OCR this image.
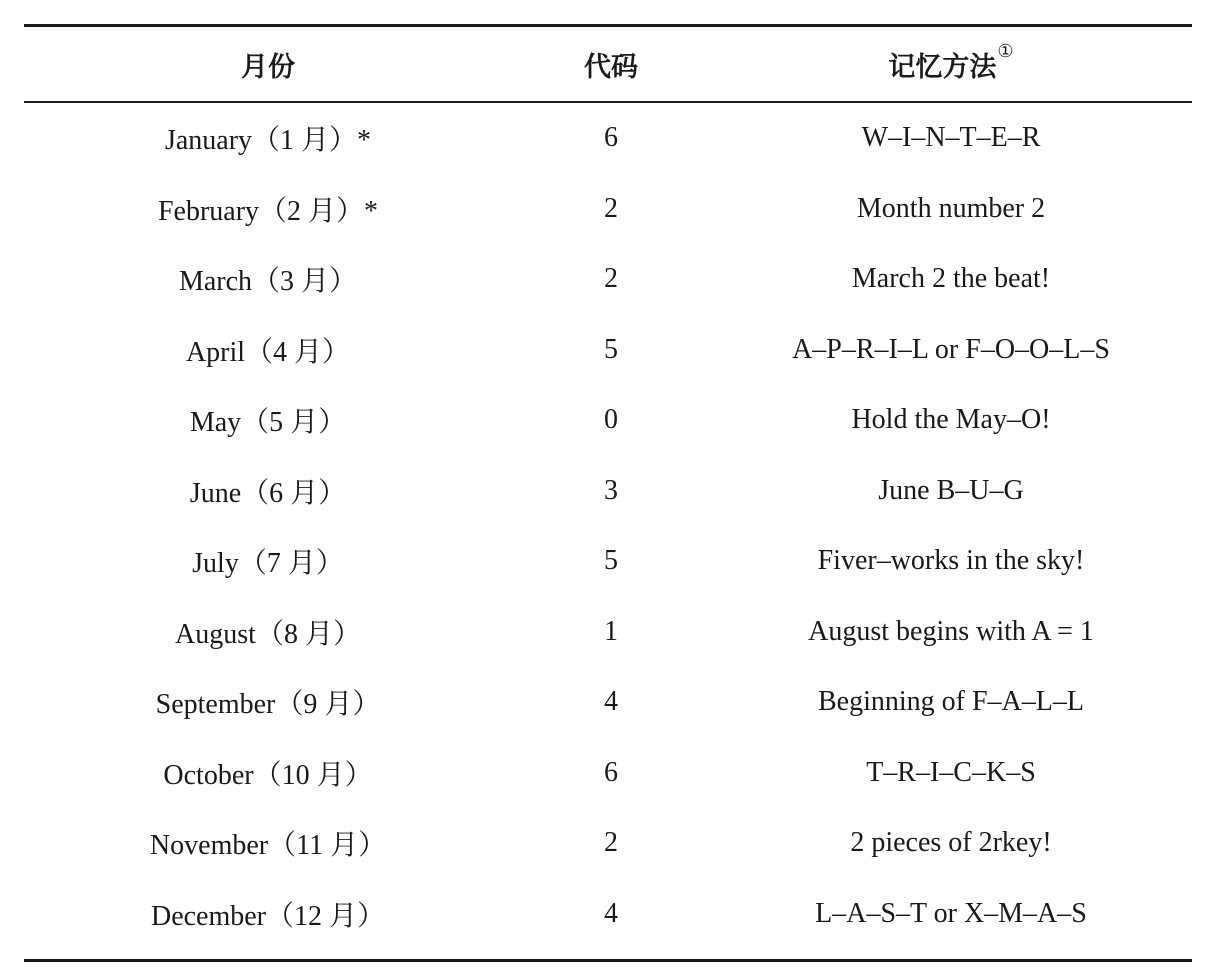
月份	代码	记忆方法①

January（1 月）*	6	W–I–N–T–E–R
February（2 月）*	2	Month number 2
March（3 月）	2	March 2 the beat!
April（4 月）	5	A–P–R–I–L or F–O–O–L–S
May（5 月）	0	Hold the May–O!
June（6 月）	3	June B–U–G
July（7 月）	5	Fiver–works in the sky!
August（8 月）	1	August begins with A = 1
September（9 月）	4	Beginning of F–A–L–L
October（10 月）	6	T–R–I–C–K–S
November（11 月）	2	2 pieces of 2rkey!
December（12 月）	4	L–A–S–T or X–M–A–S
